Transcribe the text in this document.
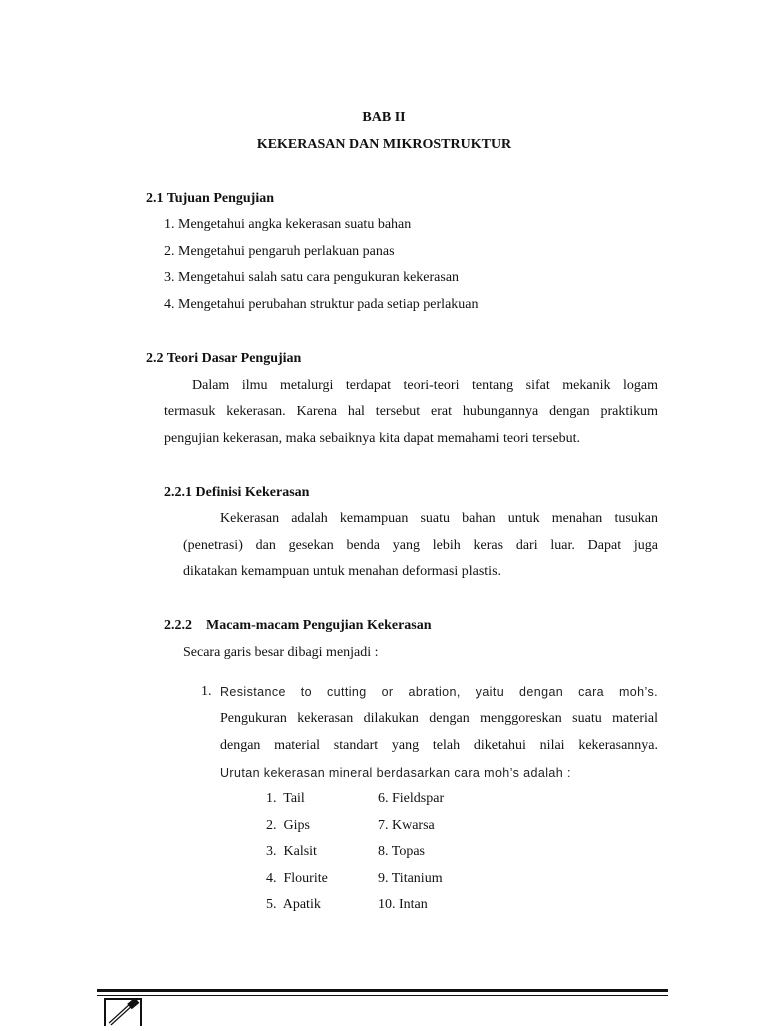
BAB II
KEKERASAN DAN MIKROSTRUKTUR
2.1 Tujuan Pengujian
1. Mengetahui angka kekerasan suatu bahan
2. Mengetahui pengaruh perlakuan panas
3. Mengetahui salah satu cara pengukuran kekerasan
4. Mengetahui perubahan struktur pada setiap perlakuan
2.2 Teori Dasar Pengujian
Dalam ilmu metalurgi terdapat teori-teori tentang sifat mekanik logam
termasuk kekerasan. Karena hal tersebut erat hubungannya dengan praktikum
pengujian kekerasan, maka sebaiknya kita dapat memahami teori tersebut.
2.2.1 Definisi Kekerasan
Kekerasan adalah kemampuan suatu bahan untuk menahan tusukan
(penetrasi) dan gesekan benda yang lebih keras dari luar. Dapat juga
dikatakan kemampuan untuk menahan deformasi plastis.
2.2.2    Macam-macam Pengujian Kekerasan
Secara garis besar dibagi menjadi :
1. Resistance to cutting or abration, yaitu dengan cara moh’s.
Pengukuran kekerasan dilakukan dengan menggoreskan suatu material
dengan material standart yang telah diketahui nilai kekerasannya.
Urutan kekerasan mineral berdasarkan cara moh’s adalah :
1.  Tail
2.  Gips
3.  Kalsit
4.  Flourite
5.  Apatik
6. Fieldspar
7. Kwarsa
8. Topas
9. Titanium
10. Intan
